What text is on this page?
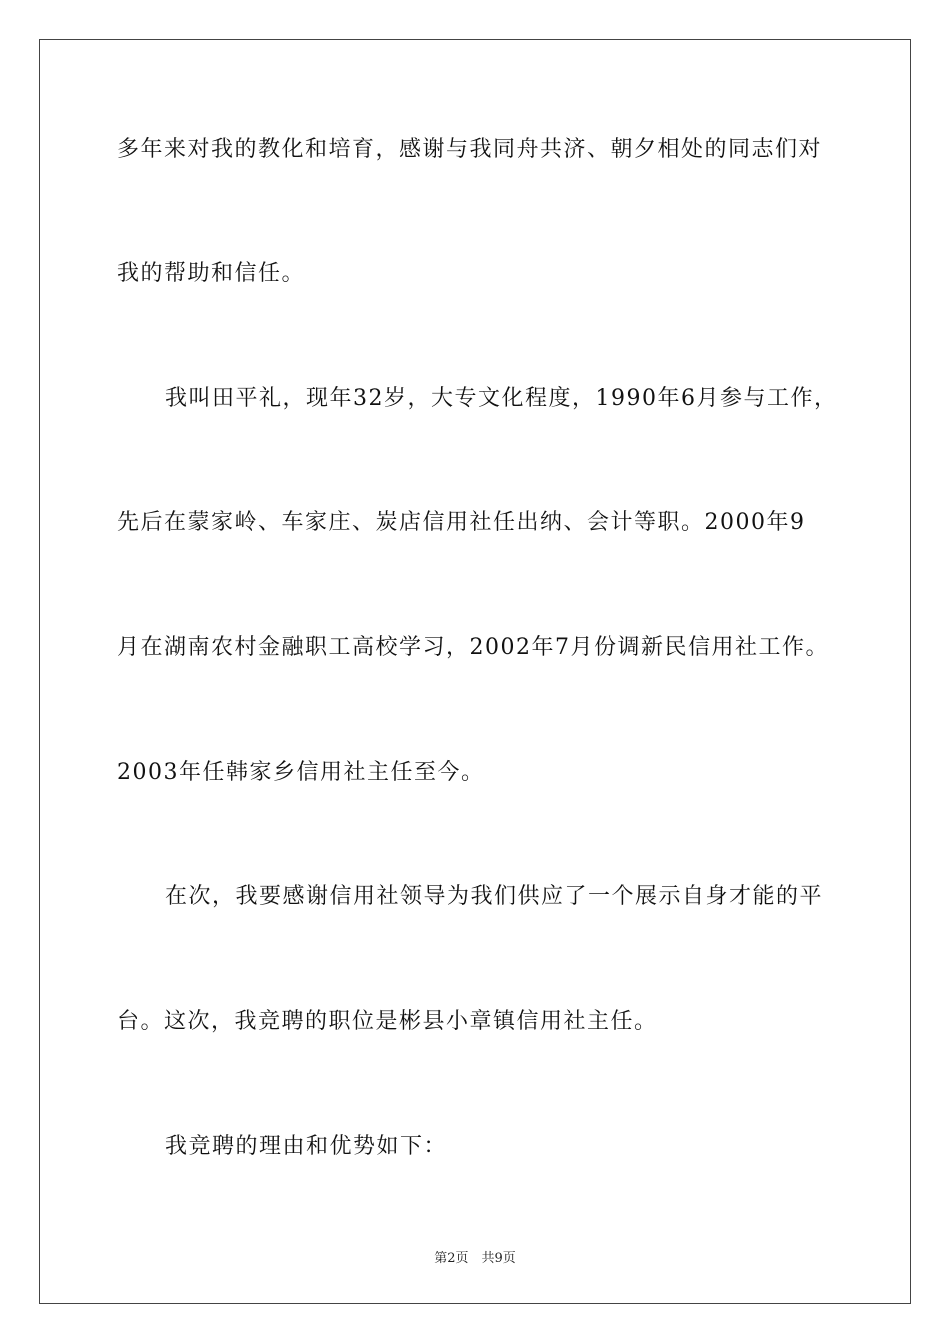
多年来对我的教化和培育，感谢与我同舟共济、朝夕相处的同志们对
我的帮助和信任。
我叫田平礼，现年32岁，大专文化程度，1990年6月参与工作，
先后在蒙家岭、车家庄、炭店信用社任出纳、会计等职。2000年9
月在湖南农村金融职工高校学习，2002年7月份调新民信用社工作。
2003年任韩家乡信用社主任至今。
在次，我要感谢信用社领导为我们供应了一个展示自身才能的平
台。这次，我竞聘的职位是彬县小章镇信用社主任。
我竞聘的理由和优势如下：
第2页　共9页
